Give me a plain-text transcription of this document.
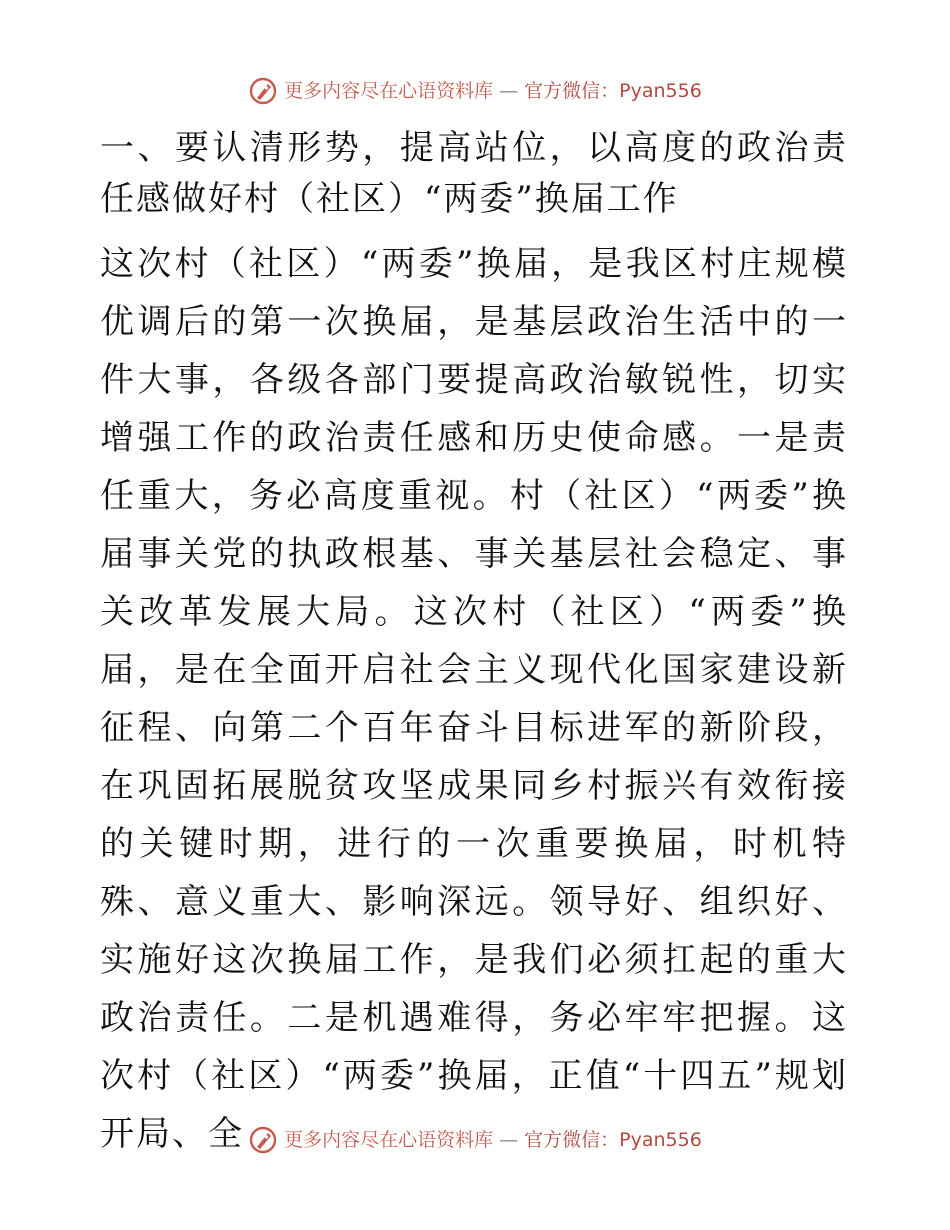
更多内容尽在心语资料库 — 官方微信：Pyan556
一、要认清形势，提高站位，以高度的政治责任感做好村（社区）“两委”换届工作

这次村（社区）“两委”换届，是我区村庄规模优调后的第一次换届，是基层政治生活中的一件大事，各级各部门要提高政治敏锐性，切实增强工作的政治责任感和历史使命感。一是责任重大，务必高度重视。村（社区）“两委”换届事关党的执政根基、事关基层社会稳定、事关改革发展大局。这次村（社区）“两委”换届，是在全面开启社会主义现代化国家建设新征程、向第二个百年奋斗目标进军的新阶段，在巩固拓展脱贫攻坚成果同乡村振兴有效衔接的关键时期，进行的一次重要换届，时机特殊、意义重大、影响深远。领导好、组织好、实施好这次换届工作，是我们必须扛起的重大政治责任。二是机遇难得，务必牢牢把握。这次村（社区）“两委”换届，正值“十四五”规划开局、全	更多内容尽在心语资料库 — 官方微信：Pyan556
